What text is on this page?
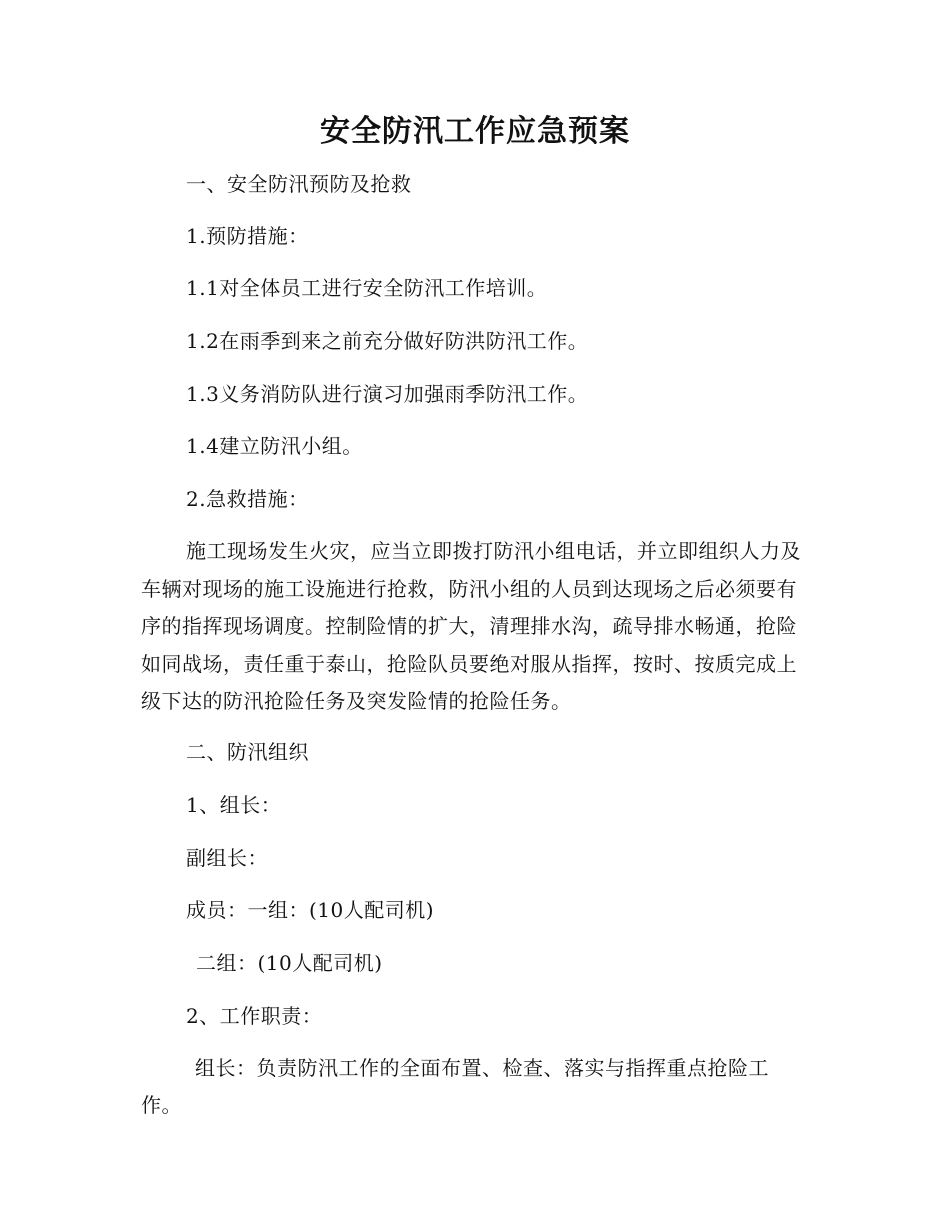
安全防汛工作应急预案
一、安全防汛预防及抢救
1.预防措施：
1.1对全体员工进行安全防汛工作培训。
1.2在雨季到来之前充分做好防洪防汛工作。
1.3义务消防队进行演习加强雨季防汛工作。
1.4建立防汛小组。
2.急救措施：
施工现场发生火灾，应当立即拨打防汛小组电话，并立即组织人力及车辆对现场的施工设施进行抢救，防汛小组的人员到达现场之后必须要有序的指挥现场调度。控制险情的扩大，清理排水沟，疏导排水畅通，抢险如同战场，责任重于泰山，抢险队员要绝对服从指挥，按时、按质完成上级下达的防汛抢险任务及突发险情的抢险任务。
二、防汛组织
1、组长：
副组长：
成员：一组：(10人配司机)
二组：(10人配司机)
2、工作职责：
组长：负责防汛工作的全面布置、检查、落实与指挥重点抢险工作。
